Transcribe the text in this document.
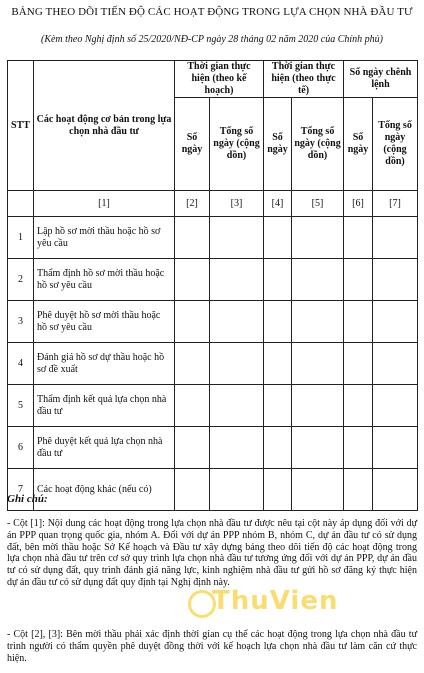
BẢNG THEO DÕI TIẾN ĐỘ CÁC HOẠT ĐỘNG TRONG LỰA CHỌN NHÀ ĐẦU TƯ
(Kèm theo Nghị định số 25/2020/NĐ-CP ngày 28 tháng 02 năm 2020 của Chính phủ)
STT	Các hoạt động cơ bản trong lựa chọn nhà đầu tư	Thời gian thực hiện (theo kế hoạch)		Thời gian thực hiện (theo thực tế)		Số ngày chênh lệnh	
		Số ngày	Tổng số ngày (cộng dồn)	Số ngày	Tổng số ngày (cộng dồn)	Số ngày	Tổng số ngày (cộng dồn)
	[1]	[2]	[3]	[4]	[5]	[6]	[7]
1	Lập hồ sơ mời thầu hoặc hồ sơ yêu cầu						
2	Thẩm định hồ sơ mời thầu hoặc hồ sơ yêu cầu						
3	Phê duyệt hồ sơ mời thầu hoặc hồ sơ yêu cầu						
4	Đánh giá hồ sơ dự thầu hoặc hồ sơ đề xuất						
5	Thẩm định kết quả lựa chọn nhà đầu tư						
6	Phê duyệt kết quả lựa chọn nhà đầu tư						
7	Các hoạt động khác (nếu có)						
Ghi chú:
- Cột [1]: Nội dung các hoạt động trong lựa chọn nhà đầu tư được nêu tại cột này áp dụng đối với dự án PPP quan trọng quốc gia, nhóm A. Đối với dự án PPP nhóm B, nhóm C, dự án đầu tư có sử dụng đất, bên mời thầu hoặc Sở Kế hoạch và Đầu tư xây dựng bảng theo dõi tiến độ các hoạt động trong lựa chọn nhà đầu tư trên cơ sở quy trình lựa chọn nhà đầu tư tương ứng đối với dự án PPP, dự án đầu tư có sử dụng đất, quy trình đánh giá năng lực, kinh nghiệm nhà đầu tư gửi hồ sơ đăng ký thực hiện dự án đầu tư có sử dụng đất quy định tại Nghị định này.
- Cột [2], [3]: Bên mời thầu phải xác định thời gian cụ thể các hoạt động trong lựa chọn nhà đầu tư trình người có thẩm quyền phê duyệt đồng thời với kế hoạch lựa chọn nhà đầu tư làm căn cứ thực hiện.
ThuVien
